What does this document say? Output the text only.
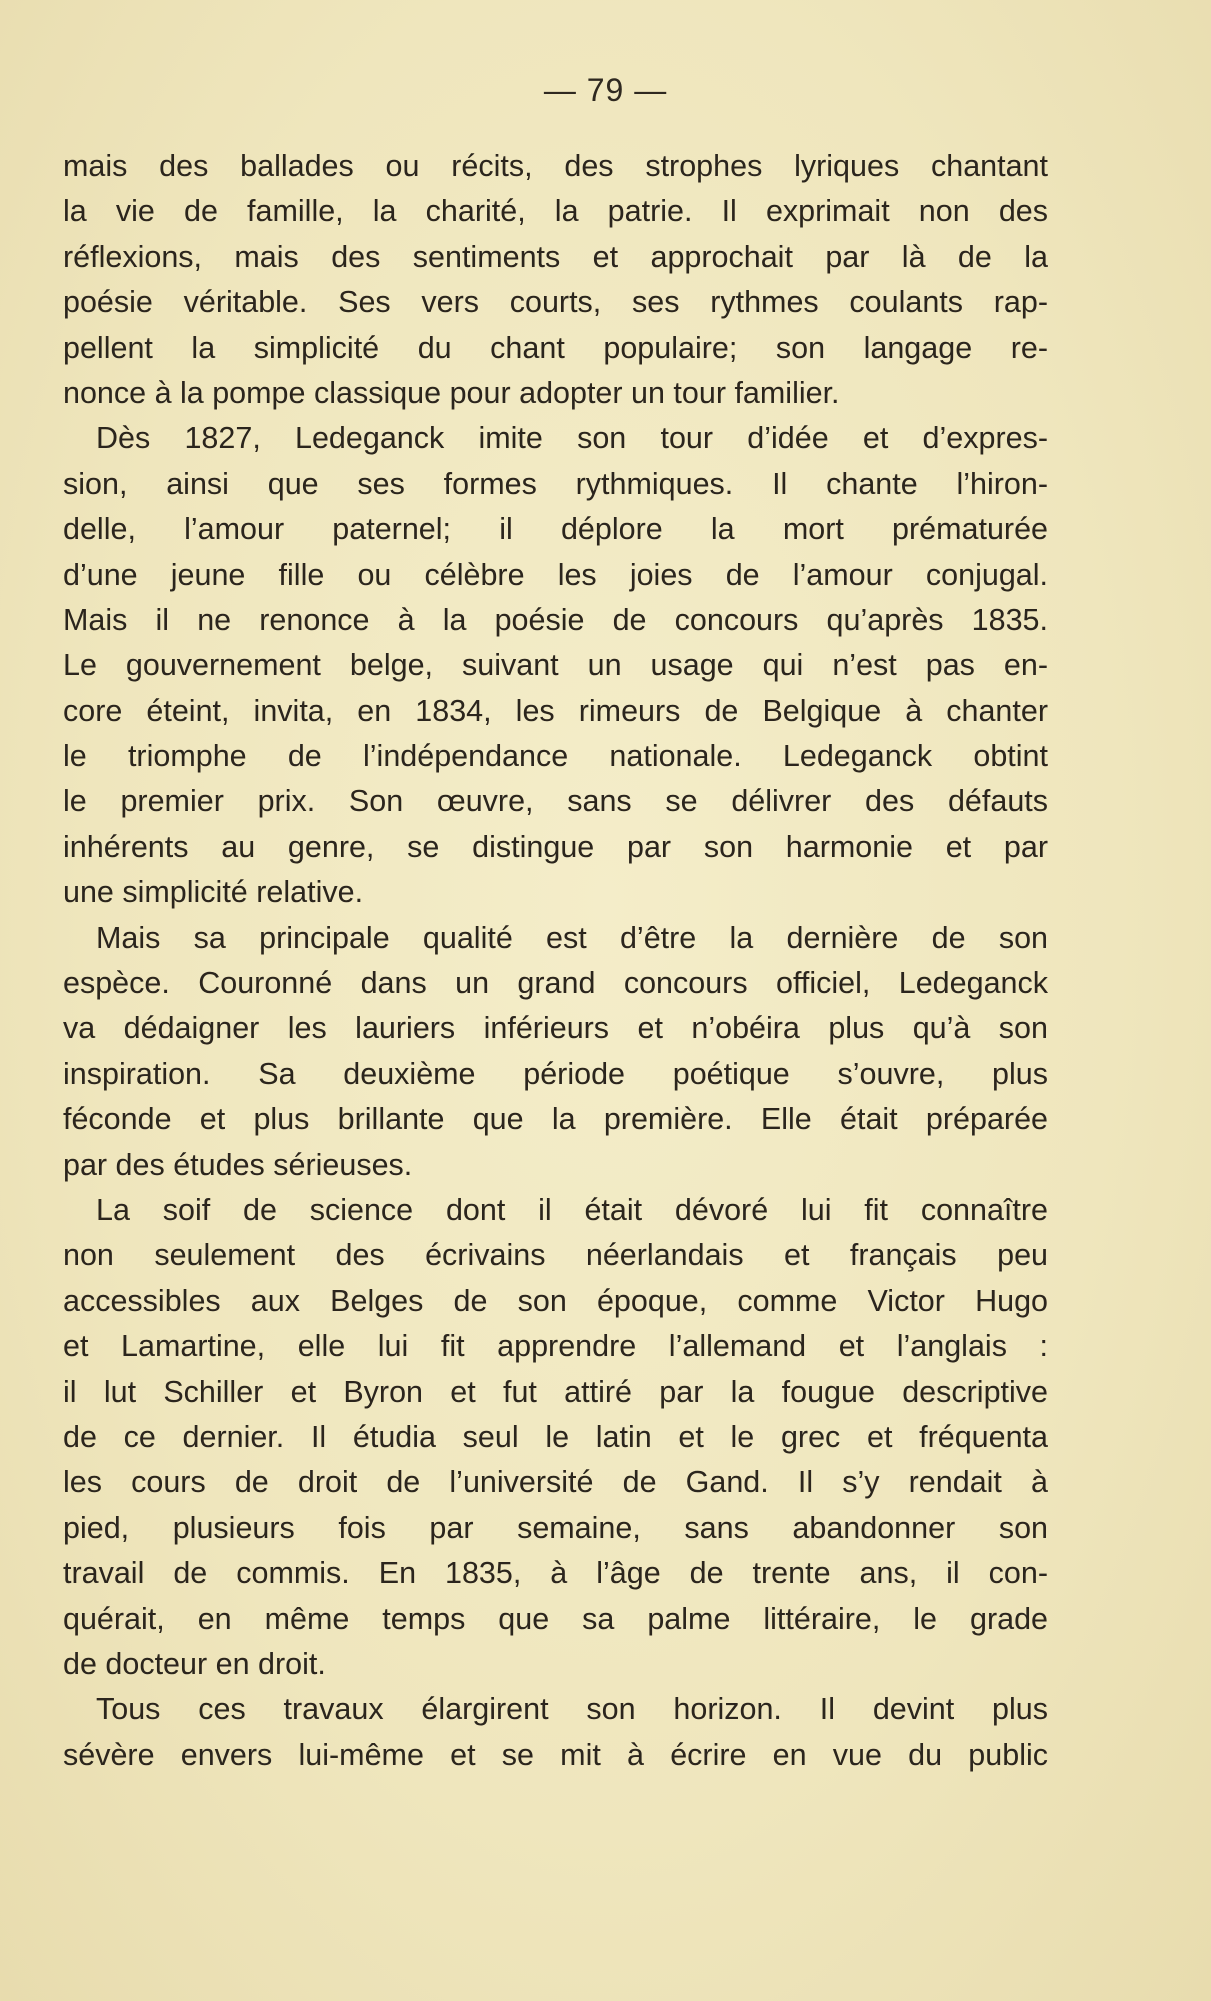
— 79 —
mais des ballades ou récits, des strophes lyriques chantant
la vie de famille, la charité, la patrie. Il exprimait non des
réflexions, mais des sentiments et approchait par là de la
poésie véritable. Ses vers courts, ses rythmes coulants rap-
pellent la simplicité du chant populaire; son langage re-
nonce à la pompe classique pour adopter un tour familier.
Dès 1827, Ledeganck imite son tour d’idée et d’expres-
sion, ainsi que ses formes rythmiques. Il chante l’hiron-
delle, l’amour paternel; il déplore la mort prématurée
d’une jeune fille ou célèbre les joies de l’amour conjugal.
Mais il ne renonce à la poésie de concours qu’après 1835.
Le gouvernement belge, suivant un usage qui n’est pas en-
core éteint, invita, en 1834, les rimeurs de Belgique à chanter
le triomphe de l’indépendance nationale. Ledeganck obtint
le premier prix. Son œuvre, sans se délivrer des défauts
inhérents au genre, se distingue par son harmonie et par
une simplicité relative.
Mais sa principale qualité est d’être la dernière de son
espèce. Couronné dans un grand concours officiel, Ledeganck
va dédaigner les lauriers inférieurs et n’obéira plus qu’à son
inspiration. Sa deuxième période poétique s’ouvre, plus
féconde et plus brillante que la première. Elle était préparée
par des études sérieuses.
La soif de science dont il était dévoré lui fit connaître
non seulement des écrivains néerlandais et français peu
accessibles aux Belges de son époque, comme Victor Hugo
et Lamartine, elle lui fit apprendre l’allemand et l’anglais :
il lut Schiller et Byron et fut attiré par la fougue descriptive
de ce dernier. Il étudia seul le latin et le grec et fréquenta
les cours de droit de l’université de Gand. Il s’y rendait à
pied, plusieurs fois par semaine, sans abandonner son
travail de commis. En 1835, à l’âge de trente ans, il con-
quérait, en même temps que sa palme littéraire, le grade
de docteur en droit.
Tous ces travaux élargirent son horizon. Il devint plus
sévère envers lui-même et se mit à écrire en vue du public
